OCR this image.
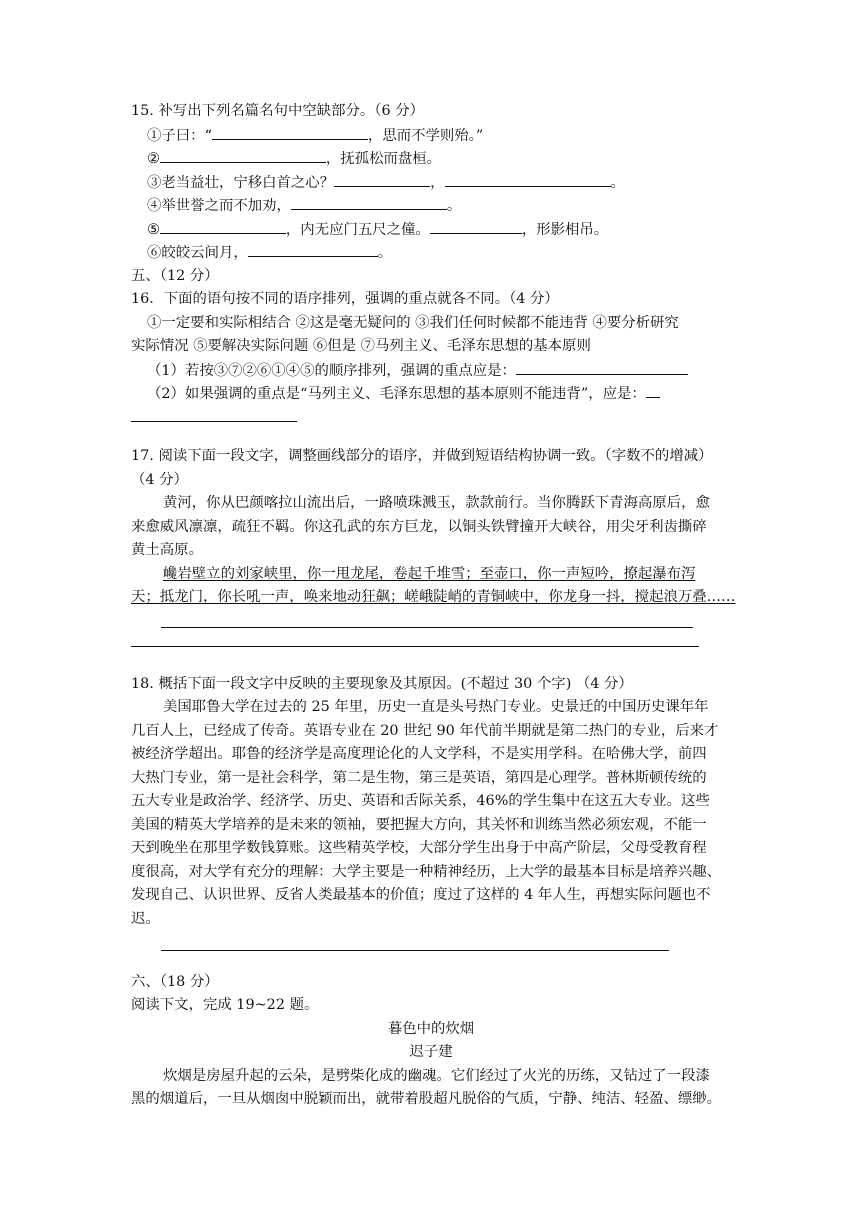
15. 补写出下列名篇名句中空缺部分。（6 分）
①子曰：“	，思而不学则殆。”
②	，抚孤松而盘桓。
③老当益壮，宁移白首之心？	，	。
④举世誉之而不加劝，	。
⑤	，内无应门五尺之僮。	，形影相吊。
⑥皎皎云间月，	。
五、（12 分）
16．下面的语句按不同的语序排列，强调的重点就各不同。（4 分）
①一定要和实际相结合 ②这是毫无疑问的 ③我们任何时候都不能违背 ④要分析研究
实际情况 ⑤要解决实际问题 ⑥但是 ⑦马列主义、毛泽东思想的基本原则
（1）若按③⑦②⑥①④⑤的顺序排列，强调的重点应是：
（2）如果强调的重点是“马列主义、毛泽东思想的基本原则不能违背”，应是：
17. 阅读下面一段文字，调整画线部分的语序，并做到短语结构协调一致。（字数不的增减）
（4 分）
黄河，你从巴颜喀拉山流出后，一路喷珠溅玉，款款前行。当你腾跃下青海高原后，愈
来愈威风凛凛，疏狂不羁。你这孔武的东方巨龙，以铜头铁臂撞开大峡谷，用尖牙利齿撕碎
黄土高原。
巉岩壁立的刘家峡里，你一甩龙尾，卷起千堆雪；至壶口，你一声短吟，撩起瀑布泻
天；抵龙门，你长吼一声，唤来地动狂飙；嵯峨陡峭的青铜峡中，你龙身一抖，搅起浪万叠……
18. 概括下面一段文字中反映的主要现象及其原因。(不超过 30 个字) （4 分）
美国耶鲁大学在过去的 25 年里，历史一直是头号热门专业。史景迁的中国历史课年年
几百人上，已经成了传奇。英语专业在 20 世纪 90 年代前半期就是第二热门的专业，后来才
被经济学超出。耶鲁的经济学是高度理论化的人文学科，不是实用学科。在哈佛大学，前四
大热门专业，第一是社会科学，第二是生物，第三是英语，第四是心理学。普林斯顿传统的
五大专业是政治学、经济学、历史、英语和舌际关系，46%的学生集中在这五大专业。这些
美国的精英大学培养的是未来的领袖，要把握大方向，其关怀和训练当然必须宏观，不能一
天到晚坐在那里学数钱算账。这些精英学校，大部分学生出身于中高产阶层，父母受教育程
度很高，对大学有充分的理解：大学主要是一种精神经历，上大学的最基本目标是培养兴趣、
发现自己、认识世界、反省人类最基本的价值；度过了这样的 4 年人生，再想实际问题也不
迟。
六、（18 分）
阅读下文，完成 19~22 题。
暮色中的炊烟
迟子建
炊烟是房屋升起的云朵，是劈柴化成的幽魂。它们经过了火光的历练，又钻过了一段漆
黑的烟道后，一旦从烟囱中脱颖而出，就带着股超凡脱俗的气质，宁静、纯洁、轻盈、缥缈。
